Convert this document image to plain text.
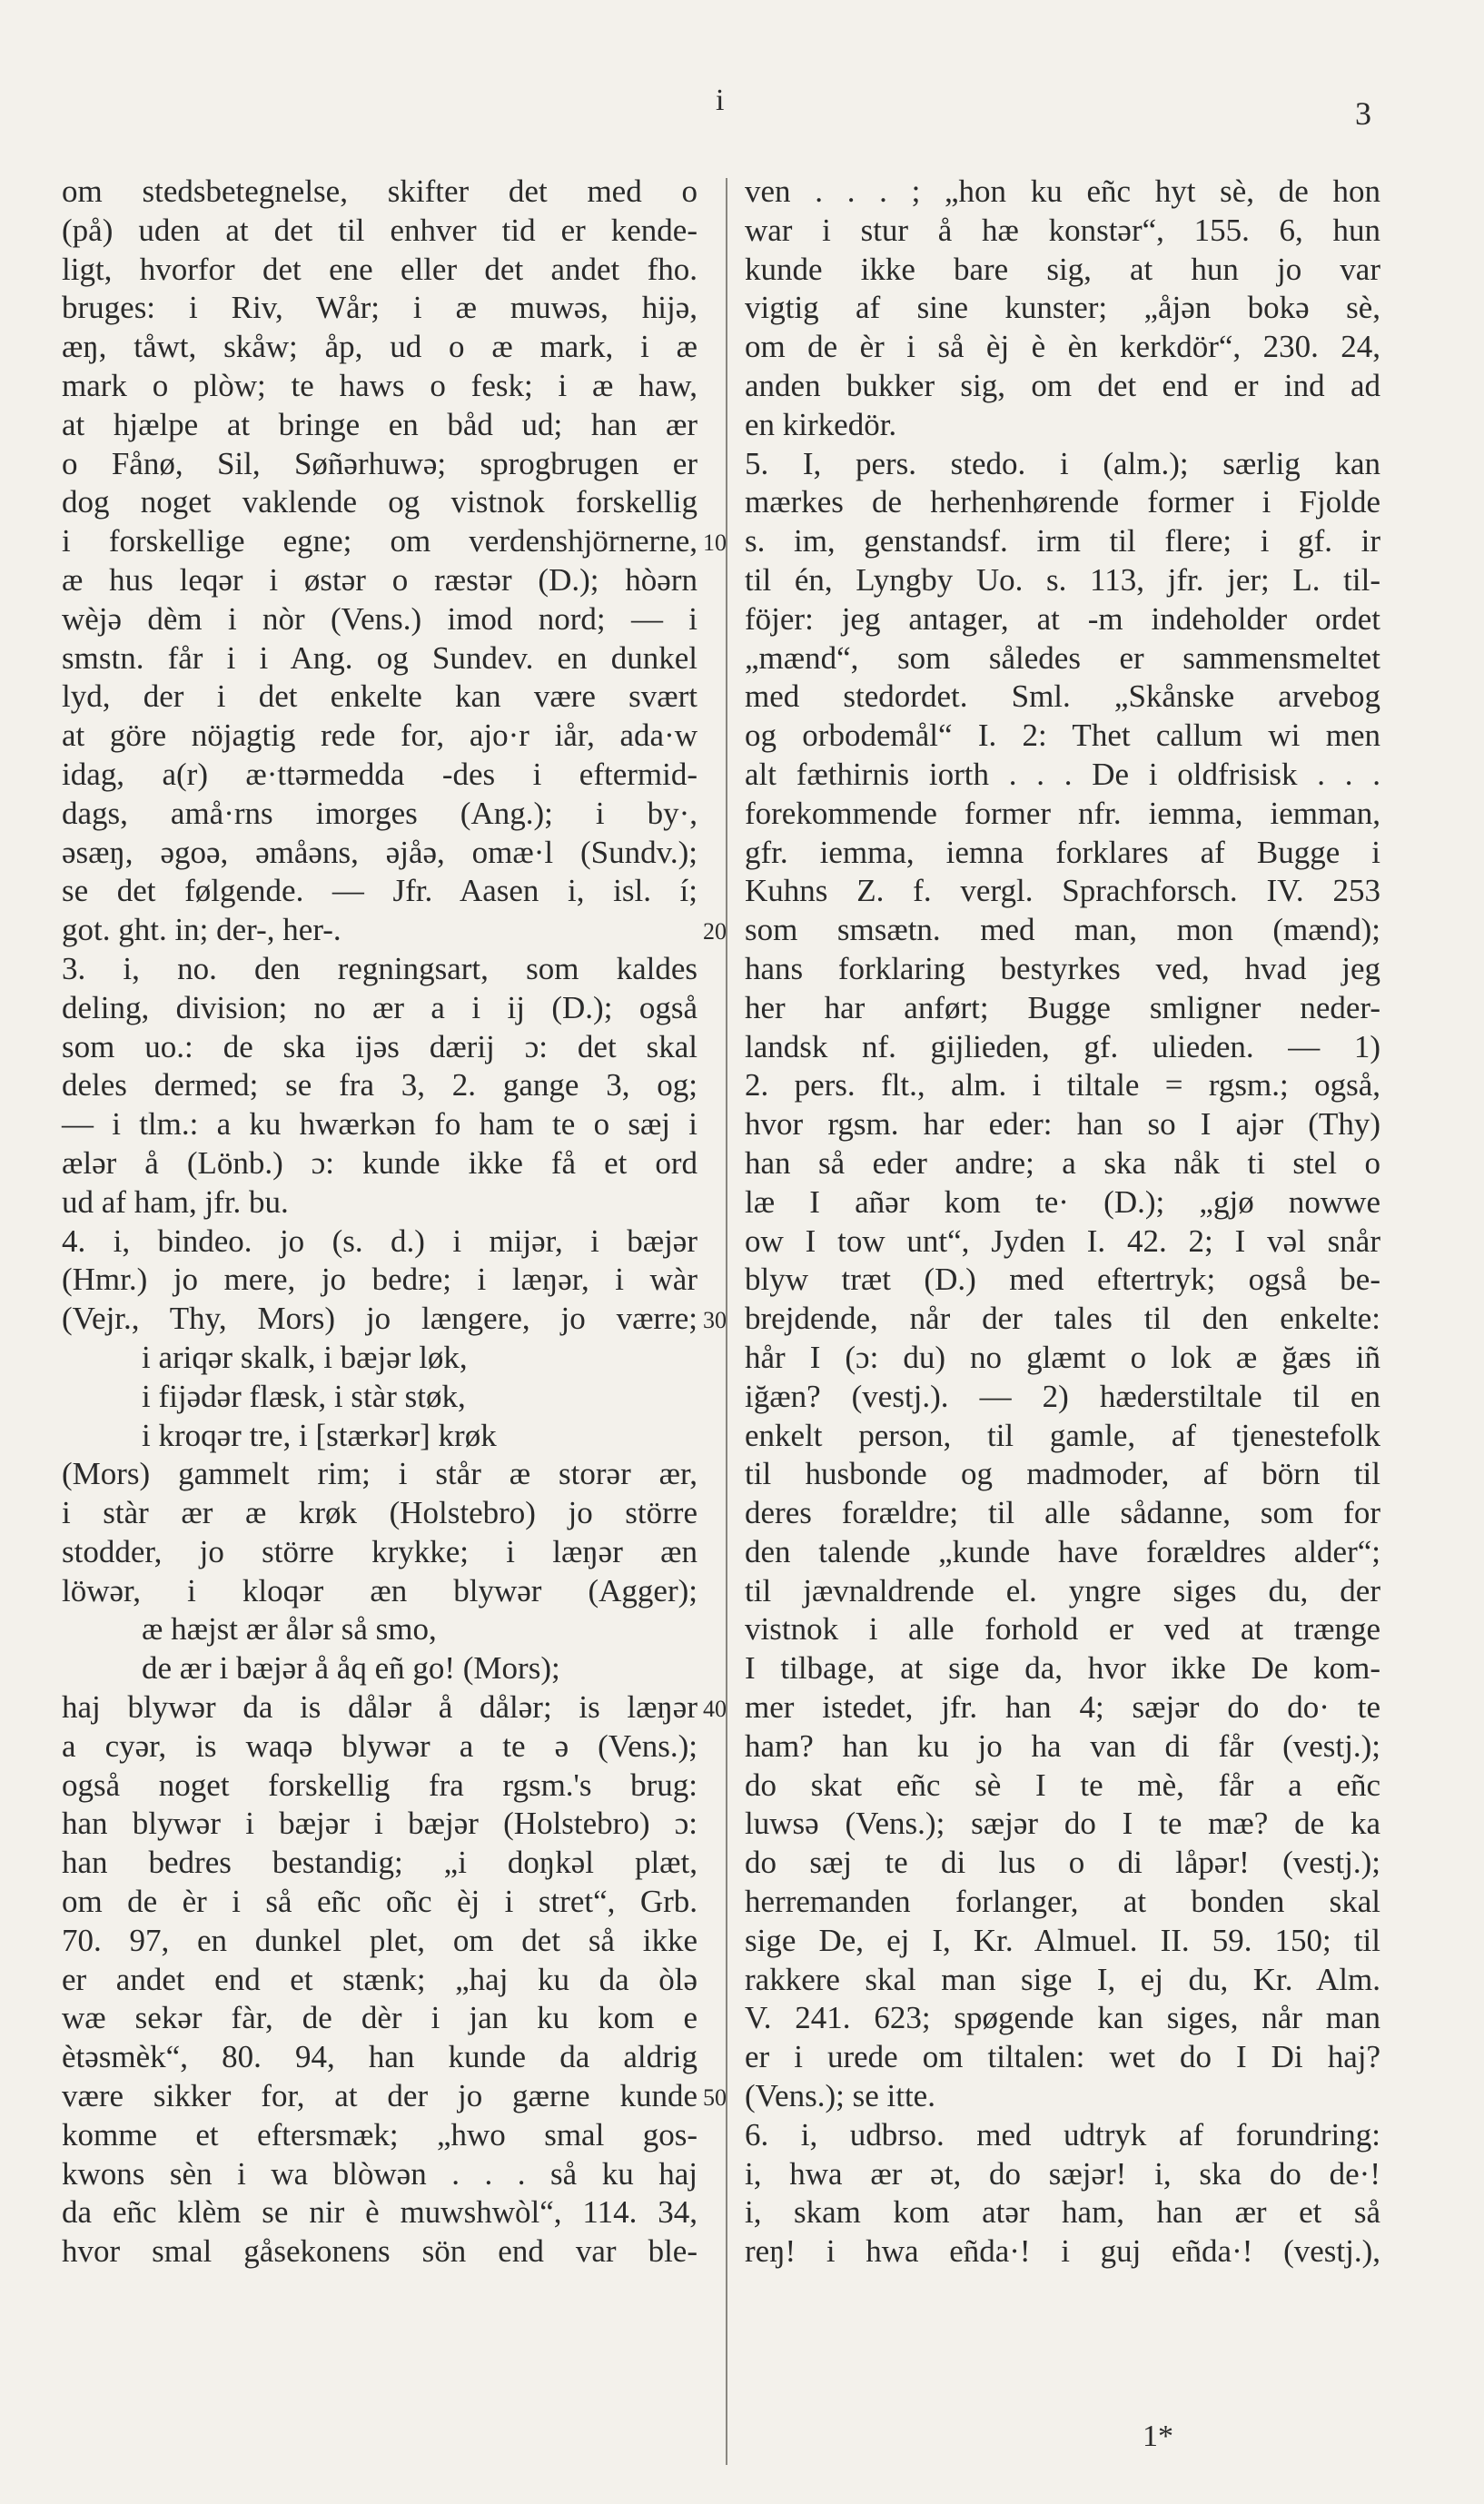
i	3
om stedsbetegnelse, skifter det med o
(på) uden at det til enhver tid er kende-
ligt, hvorfor det ene eller det andet fho.
bruges: i Riv, Wår; i æ muwəs, hijə,
æŋ, tåwt, skåw; åp, ud o æ mark, i æ
mark o plòw; te haws o fesk; i æ haw,
at hjælpe at bringe en båd ud; han ær
o Fånø, Sil, Søñərhuwə; sprogbrugen er
dog noget vaklende og vistnok forskellig
i forskellige egne; om verdenshjörnerne,
æ hus leqər i østər o ræstər (D.); hòərn
wèjə dèm i nòr (Vens.) imod nord; — i
smstn. får i i Ang. og Sundev. en dunkel
lyd, der i det enkelte kan være svært
at göre nöjagtig rede for, ajo·r iår, ada·w
idag, a(r) æ·ttərmedda -des i eftermid-
dags, amå·rns imorges (Ang.); i by·,
əsæŋ, əgoə, əmåəns, əjåə, omæ·l (Sundv.);
se det følgende. — Jfr. Aasen i, isl. í;
got. ght. in; der-, her-.
3. i, no. den regningsart, som kaldes
deling, division; no ær a i ij (D.); også
som uo.: de ska ijəs dærij ɔ: det skal
deles dermed; se fra 3, 2. gange 3, og;
— i tlm.: a ku hwærkən fo ham te o sæj i
ælər å (Lönb.) ɔ: kunde ikke få et ord
ud af ham, jfr. bu.
4. i, bindeo. jo (s. d.) i mijər, i bæjər
(Hmr.) jo mere, jo bedre; i læŋər, i wàr
(Vejr., Thy, Mors) jo længere, jo værre;
i ariqər skalk, i bæjər løk,
i fijədər flæsk, i stàr støk,
i kroqər tre, i [stærkər] krøk
(Mors) gammelt rim; i står æ storər ær,
i stàr ær æ krøk (Holstebro) jo större
stodder, jo större krykke; i læŋər æn
löwər, i kloqər æn blywər (Agger);
æ hæjst ær ålər så smo,
de ær i bæjər å åq eñ go! (Mors);
haj blywər da is dålər å dålər; is læŋər
a cyər, is waqə blywər a te ə (Vens.);
også noget forskellig fra rgsm.'s brug:
han blywər i bæjər i bæjər (Holstebro) ɔ:
han bedres bestandig; „i doŋkəl plæt,
om de èr i så eñc oñc èj i stret“, Grb.
70. 97, en dunkel plet, om det så ikke
er andet end et stænk; „haj ku da òlə
wæ sekər fàr, de dèr i jan ku kom e
ètəsmèk“, 80. 94, han kunde da aldrig
være sikker for, at der jo gærne kunde
komme et eftersmæk; „hwo smal gos-
kwons sèn i wa blòwən . . . så ku haj
da eñc klèm se nir è muwshwòl“, 114. 34,
hvor smal gåsekonens sön end var ble-
ven . . . ; „hon ku eñc hyt sè, de hon
war i stur å hæ konstər“, 155. 6, hun
kunde ikke bare sig, at hun jo var
vigtig af sine kunster; „åjən bokə sè,
om de èr i så èj è èn kerkdör“, 230. 24,
anden bukker sig, om det end er ind ad
en kirkedör.
5. I, pers. stedo. i (alm.); særlig kan
mærkes de herhenhørende former i Fjolde
s. im, genstandsf. irm til flere; i gf. ir
til én, Lyngby Uo. s. 113, jfr. jer; L. til-
föjer: jeg antager, at -m indeholder ordet
„mænd“, som således er sammensmeltet
med stedordet. Sml. „Skånske arvebog
og orbodemål“ I. 2: Thet callum wi men
alt fæthirnis iorth . . . De i oldfrisisk . . .
forekommende former nfr. iemma, iemman,
gfr. iemma, iemna forklares af Bugge i
Kuhns Z. f. vergl. Sprachforsch. IV. 253
som smsætn. med man, mon (mænd);
hans forklaring bestyrkes ved, hvad jeg
her har anført; Bugge smligner neder-
landsk nf. gijlieden, gf. ulieden. — 1)
2. pers. flt., alm. i tiltale = rgsm.; også,
hvor rgsm. har eder: han so I ajər (Thy)
han så eder andre; a ska nåk ti stel o
læ I añər kom te· (D.); „gjø nowwe
ow I tow unt“, Jyden I. 42. 2; I vəl snår
blyw træt (D.) med eftertryk; også be-
brejdende, når der tales til den enkelte:
hår I (ɔ: du) no glæmt o lok æ ğæs iñ
iğæn? (vestj.). — 2) hæderstiltale til en
enkelt person, til gamle, af tjenestefolk
til husbonde og madmoder, af börn til
deres forældre; til alle sådanne, som for
den talende „kunde have forældres alder“;
til jævnaldrende el. yngre siges du, der
vistnok i alle forhold er ved at trænge
I tilbage, at sige da, hvor ikke De kom-
mer istedet, jfr. han 4; sæjər do do· te
ham? han ku jo ha van di får (vestj.);
do skat eñc sè I te mè, får a eñc
luwsə (Vens.); sæjər do I te mæ? de ka
do sæj te di lus o di låpər! (vestj.);
herremanden forlanger, at bonden skal
sige De, ej I, Kr. Almuel. II. 59. 150; til
rakkere skal man sige I, ej du, Kr. Alm.
V. 241. 623; spøgende kan siges, når man
er i urede om tiltalen: wet do I Di haj?
(Vens.); se itte.
6. i, udbrso. med udtryk af forundring:
i, hwa ær ət, do sæjər! i, ska do de·!
i, skam kom atər ham, han ær et så
reŋ! i hwa eñda·! i guj eñda·! (vestj.),
10
20
30
40
50
1*
